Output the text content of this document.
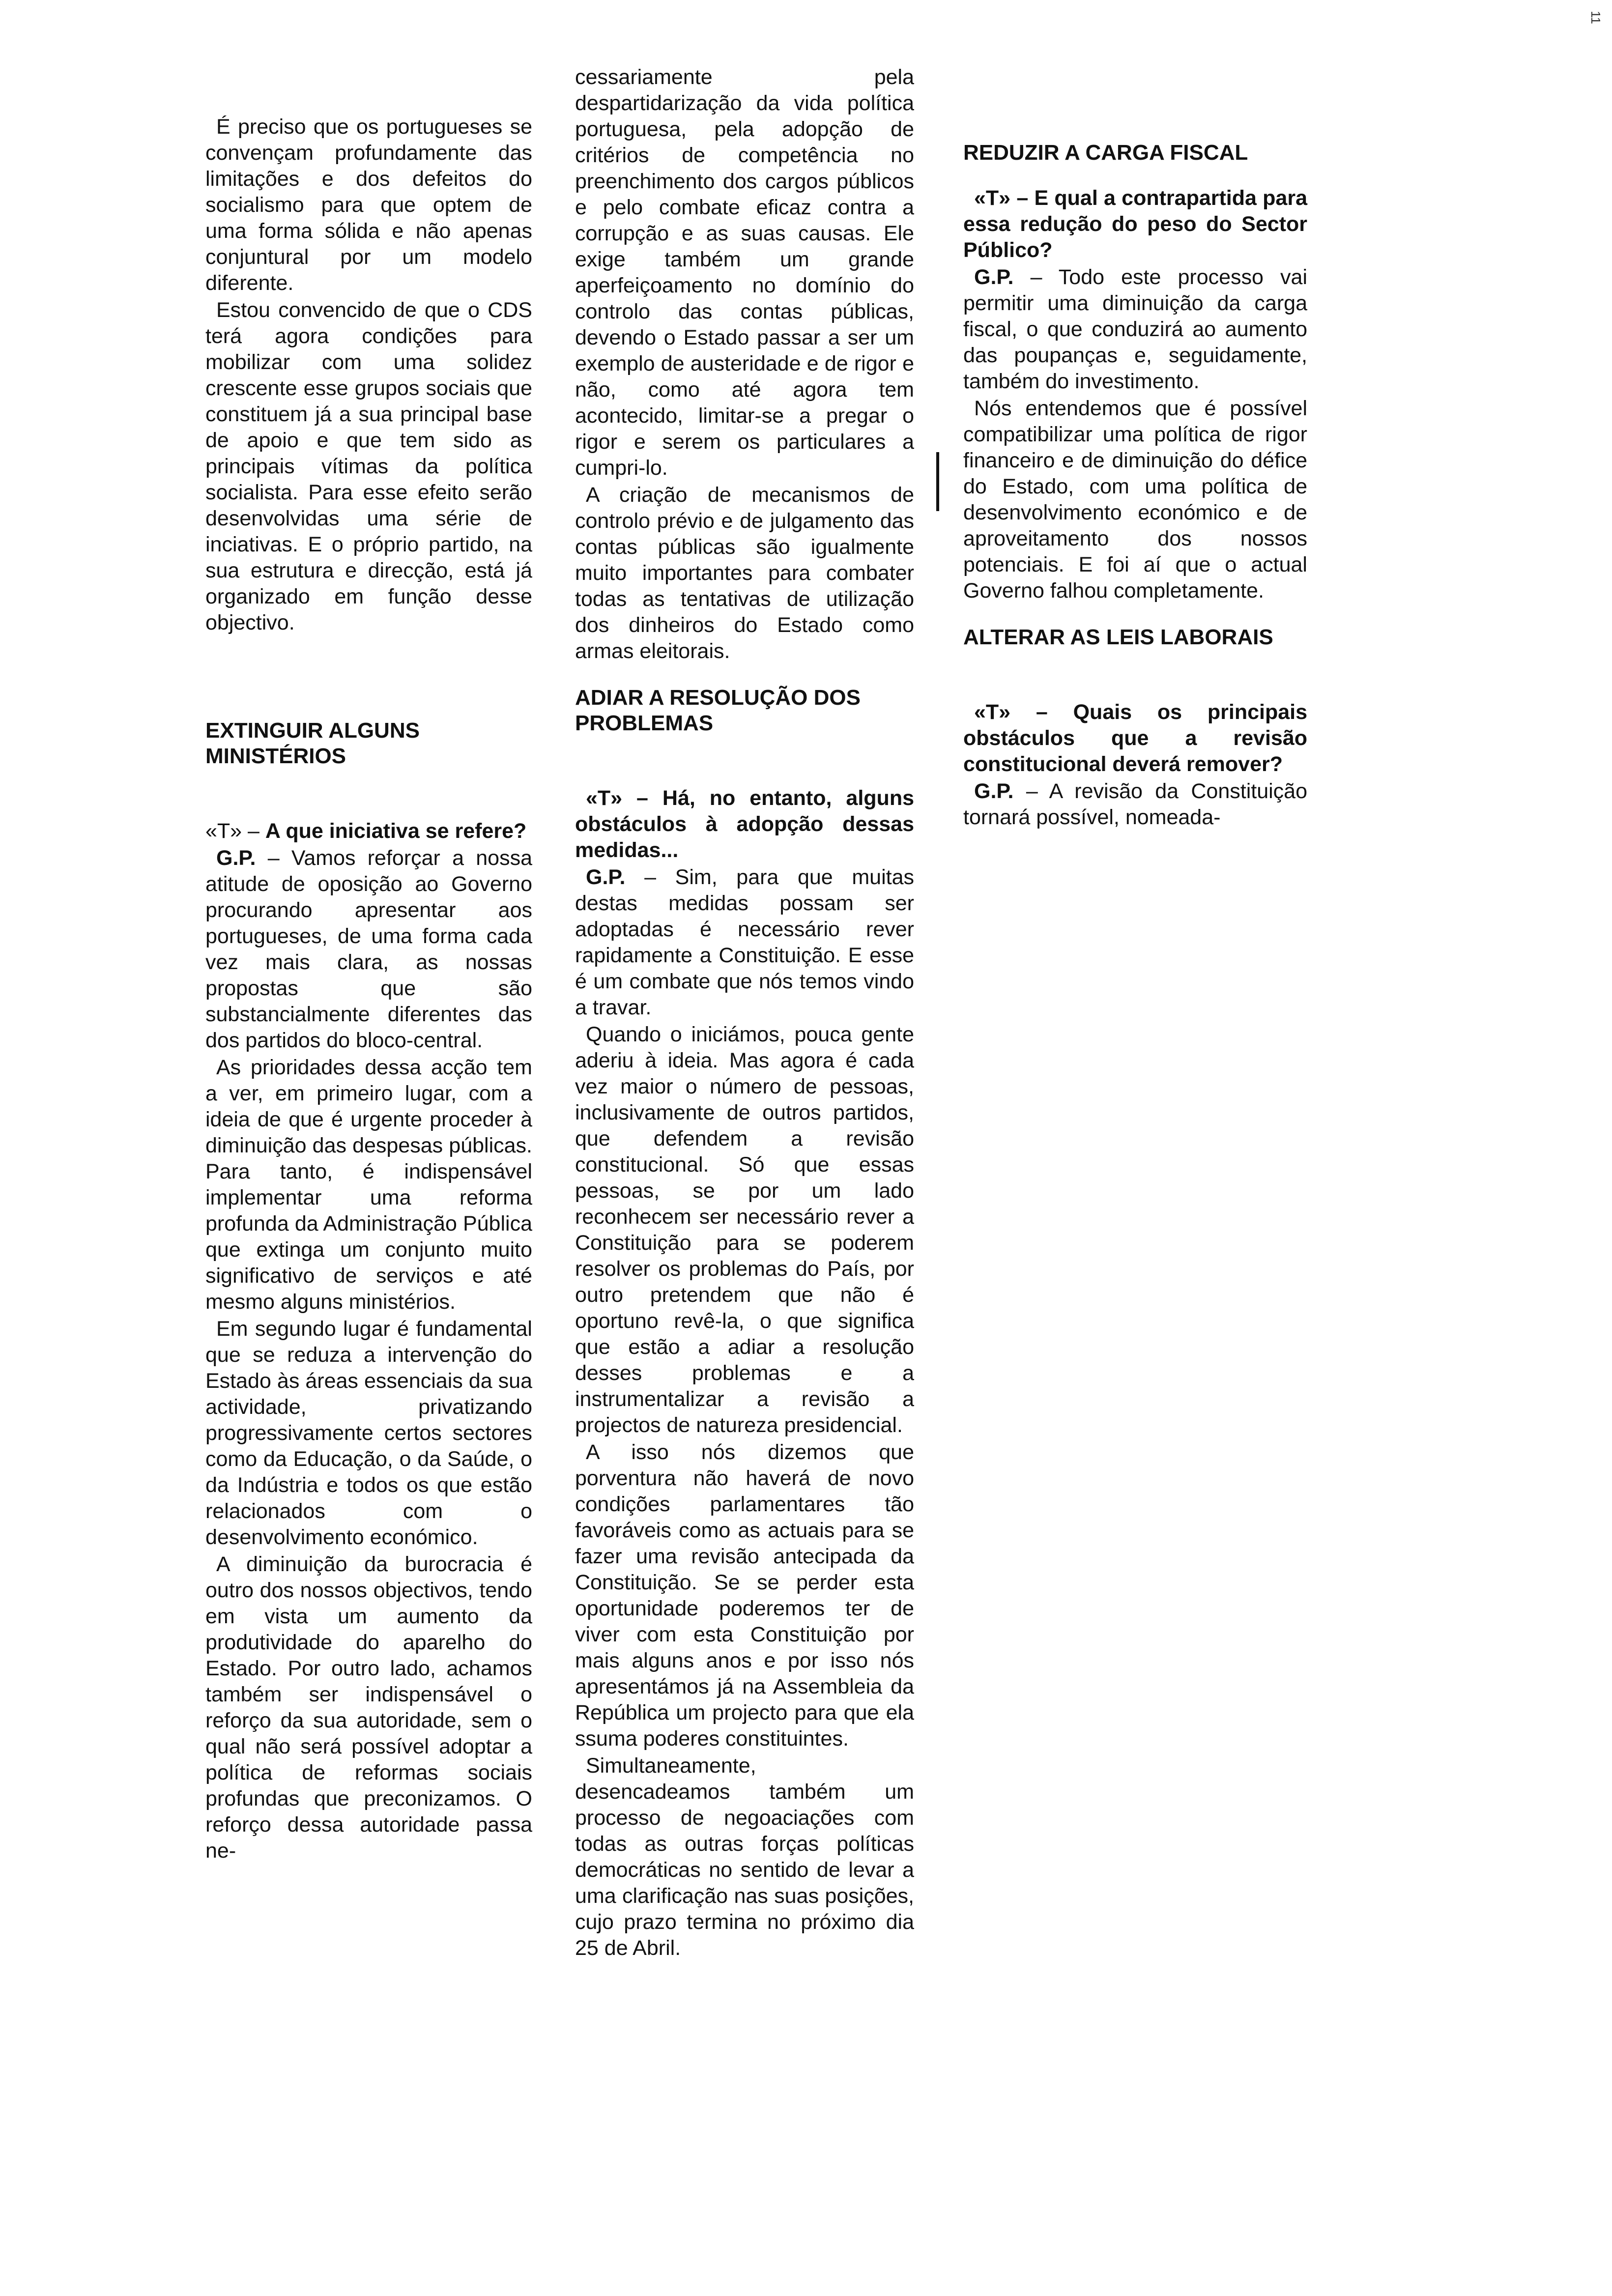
11

É preciso que os portugueses se convençam profundamente das limitações e dos defeitos do socialismo para que optem de uma forma sólida e não apenas conjuntural por um modelo diferente.

Estou convencido de que o CDS terá agora condições para mobilizar com uma solidez crescente esse grupos sociais que constituem já a sua principal base de apoio e que tem sido as principais vítimas da política socialista. Para esse efeito serão desenvolvidas uma série de inciativas. E o próprio partido, na sua estrutura e direcção, está já organizado em função desse objectivo.

EXTINGUIR ALGUNS MINISTÉRIOS

«T» – A que iniciativa se refere?

G.P. – Vamos reforçar a nossa atitude de oposição ao Governo procurando apresentar aos portugueses, de uma forma cada vez mais clara, as nossas propostas que são substancialmente diferentes das dos partidos do bloco-central.

As prioridades dessa acção tem a ver, em primeiro lugar, com a ideia de que é urgente proceder à diminuição das despesas públicas. Para tanto, é indispensável implementar uma reforma profunda da Administração Pública que extinga um conjunto muito significativo de serviços e até mesmo alguns ministérios.

Em segundo lugar é fundamental que se reduza a intervenção do Estado às áreas essenciais da sua actividade, privatizando progressivamente certos sectores como da Educação, o da Saúde, o da Indústria e todos os que estão relacionados com o desenvolvimento económico.

A diminuição da burocracia é outro dos nossos objectivos, tendo em vista um aumento da produtividade do aparelho do Estado. Por outro lado, achamos também ser indispensável o reforço da sua autoridade, sem o qual não será possível adoptar a política de reformas sociais profundas que preconizamos. O reforço dessa autoridade passa ne-

cessariamente pela despartidarização da vida política portuguesa, pela adopção de critérios de competência no preenchimento dos cargos públicos e pelo combate eficaz contra a corrupção e as suas causas. Ele exige também um grande aperfeiçoamento no domínio do controlo das contas públicas, devendo o Estado passar a ser um exemplo de austeridade e de rigor e não, como até agora tem acontecido, limitar-se a pregar o rigor e serem os particulares a cumpri-lo.

A criação de mecanismos de controlo prévio e de julgamento das contas públicas são igualmente muito importantes para combater todas as tentativas de utilização dos dinheiros do Estado como armas eleitorais.

ADIAR A RESOLUÇÃO DOS PROBLEMAS

«T» – Há, no entanto, alguns obstáculos à adopção dessas medidas...

G.P. – Sim, para que muitas destas medidas possam ser adoptadas é necessário rever rapidamente a Constituição. E esse é um combate que nós temos vindo a travar.

Quando o iniciámos, pouca gente aderiu à ideia. Mas agora é cada vez maior o número de pessoas, inclusivamente de outros partidos, que defendem a revisão constitucional. Só que essas pessoas, se por um lado reconhecem ser necessário rever a Constituição para se poderem resolver os problemas do País, por outro pretendem que não é oportuno revê-la, o que significa que estão a adiar a resolução desses problemas e a instrumentalizar a revisão a projectos de natureza presidencial.

A isso nós dizemos que porventura não haverá de novo condições parlamentares tão favoráveis como as actuais para se fazer uma revisão antecipada da Constituição. Se se perder esta oportunidade poderemos ter de viver com esta Constituição por mais alguns anos e por isso nós apresentámos já na Assembleia da República um projecto para que ela ssuma poderes constituintes.

Simultaneamente, desencadeamos também um processo de negoaciações com todas as outras forças políticas democráticas no sentido de levar a uma clarificação nas suas posições, cujo prazo termina no próximo dia 25 de Abril.

REDUZIR A CARGA FISCAL

«T» – E qual a contrapartida para essa redução do peso do Sector Público?

G.P. – Todo este processo vai permitir uma diminuição da carga fiscal, o que conduzirá ao aumento das poupanças e, seguidamente, também do investimento.

Nós entendemos que é possível compatibilizar uma política de rigor financeiro e de diminuição do défice do Estado, com uma política de desenvolvimento económico e de aproveitamento dos nossos potenciais. E foi aí que o actual Governo falhou completamente.

ALTERAR AS LEIS LABORAIS

«T» – Quais os principais obstáculos que a revisão constitucional deverá remover?

G.P. – A revisão da Constituição tornará possível, nomeada-
